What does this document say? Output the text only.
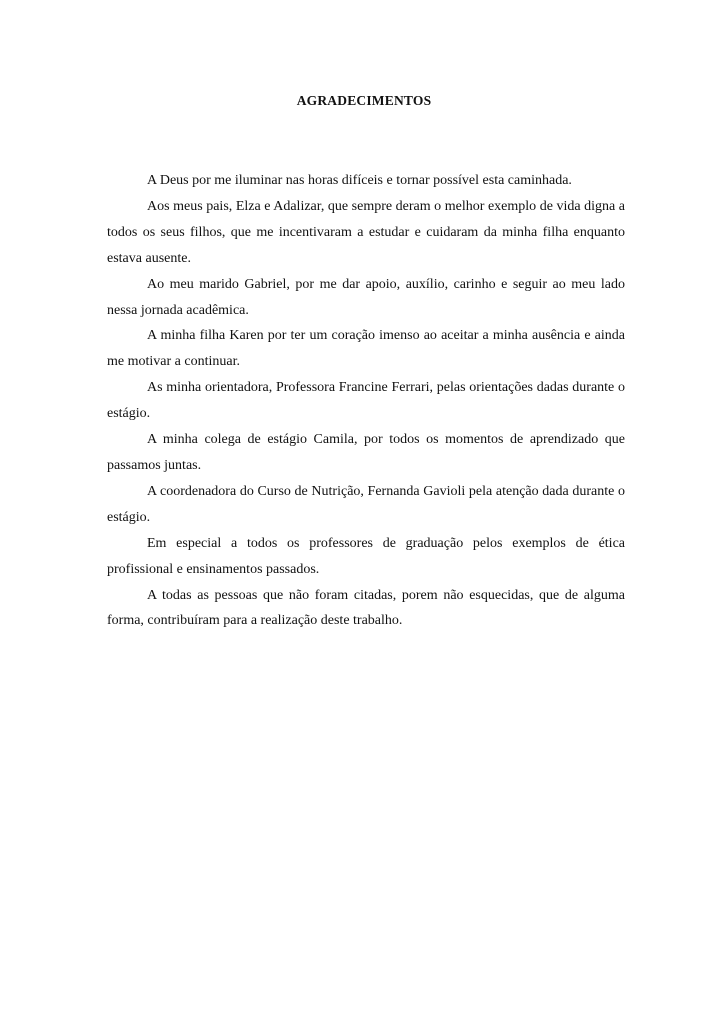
AGRADECIMENTOS

A Deus por me iluminar nas horas difíceis e tornar possível esta caminhada.

Aos meus pais, Elza e Adalizar, que sempre deram o melhor exemplo de vida digna a todos os seus filhos, que me incentivaram a estudar e cuidaram da minha filha enquanto estava ausente.

Ao meu marido Gabriel, por me dar apoio, auxílio, carinho e seguir ao meu lado nessa jornada acadêmica.

A minha filha Karen por ter um coração imenso ao aceitar a minha ausência e ainda me motivar a continuar.

As minha orientadora, Professora Francine Ferrari, pelas orientações dadas durante o estágio.

A minha colega de estágio Camila, por todos os momentos de aprendizado que passamos juntas.

A coordenadora do Curso de Nutrição, Fernanda Gavioli pela atenção dada durante o estágio.

Em especial a todos os professores de graduação pelos exemplos de ética profissional e ensinamentos passados.

A todas as pessoas que não foram citadas, porem não esquecidas, que de alguma forma, contribuíram para a realização deste trabalho.
